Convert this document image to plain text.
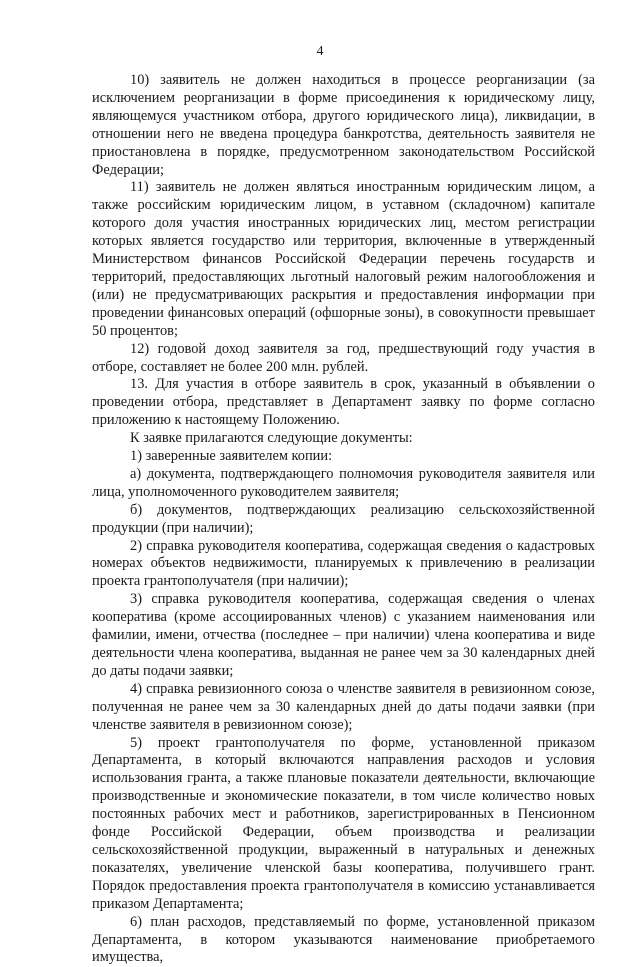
4

10) заявитель не должен находиться в процессе реорганизации (за исключением реорганизации в форме присоединения к юридическому лицу, являющемуся участником отбора, другого юридического лица), ликвидации, в отношении него не введена процедура банкротства, деятельность заявителя не приостановлена в порядке, предусмотренном законодательством Российской Федерации;

11) заявитель не должен являться иностранным юридическим лицом, а также российским юридическим лицом, в уставном (складочном) капитале которого доля участия иностранных юридических лиц, местом регистрации которых является государство или территория, включенные в утвержденный Министерством финансов Российской Федерации перечень государств и территорий, предоставляющих льготный налоговый режим налогообложения и (или) не предусматривающих раскрытия и предоставления информации при проведении финансовых операций (офшорные зоны), в совокупности превышает 50 процентов;

12) годовой доход заявителя за год, предшествующий году участия в отборе, составляет не более 200 млн. рублей.

13. Для участия в отборе заявитель в срок, указанный в объявлении о проведении отбора, представляет в Департамент заявку по форме согласно приложению к настоящему Положению.

К заявке прилагаются следующие документы:

1) заверенные заявителем копии:

а) документа, подтверждающего полномочия руководителя заявителя или лица, уполномоченного руководителем заявителя;

б) документов, подтверждающих реализацию сельскохозяйственной продукции (при наличии);

2) справка руководителя кооператива, содержащая сведения о кадастровых номерах объектов недвижимости, планируемых к привлечению в реализации проекта грантополучателя (при наличии);

3) справка руководителя кооператива, содержащая сведения о членах кооператива (кроме ассоциированных членов) с указанием наименования или фамилии, имени, отчества (последнее – при наличии) члена кооператива и виде деятельности члена кооператива, выданная не ранее чем за 30 календарных дней до даты подачи заявки;

4) справка ревизионного союза о членстве заявителя в ревизионном союзе, полученная не ранее чем за 30 календарных дней до даты подачи заявки (при членстве заявителя в ревизионном союзе);

5) проект грантополучателя по форме, установленной приказом Департамента, в который включаются направления расходов и условия использования гранта, а также плановые показатели деятельности, включающие производственные и экономические показатели, в том числе количество новых постоянных рабочих мест и работников, зарегистрированных в Пенсионном фонде Российской Федерации, объем производства и реализации сельскохозяйственной продукции, выраженный в натуральных и денежных показателях, увеличение членской базы кооператива, получившего грант. Порядок предоставления проекта грантополучателя в комиссию устанавливается приказом Департамента;

6) план расходов, представляемый по форме, установленной приказом Департамента, в котором указываются наименование приобретаемого имущества,
